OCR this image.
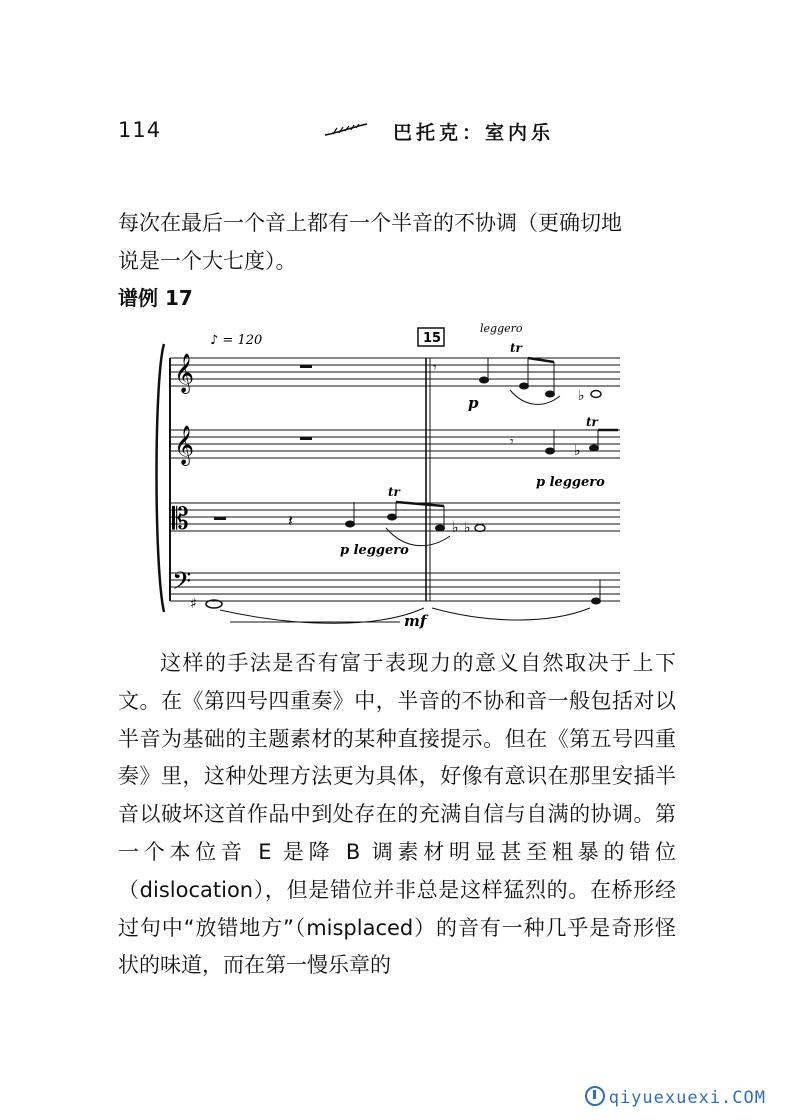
114	巴托克：室内乐

每次在最后一个音上都有一个半音的不协调（更确切地

说是一个大七度）。

谱例 17
𝄞
𝄞
𝄡
𝄢
♪ = 120	15
leggero
𝄾
p
tr
♭
𝄾
tr
♭
p leggero
𝄽
tr
♭ ♭
p leggero
♯
mf

这样的手法是否有富于表现力的意义自然取决于上下文。在《第四号四重奏》中，半音的不协和音一般包括对以半音为基础的主题素材的某种直接提示。但在《第五号四重奏》里，这种处理方法更为具体，好像有意识在那里安插半音以破坏这首作品中到处存在的充满自信与自满的协调。第一个本位音 E 是降 B 调素材明显甚至粗暴的错位（dislocation），但是错位并非总是这样猛烈的。在桥形经过句中“放错地方”（misplaced）的音有一种几乎是奇形怪状的味道，而在第一慢乐章的

qiyuexuexi.COM
